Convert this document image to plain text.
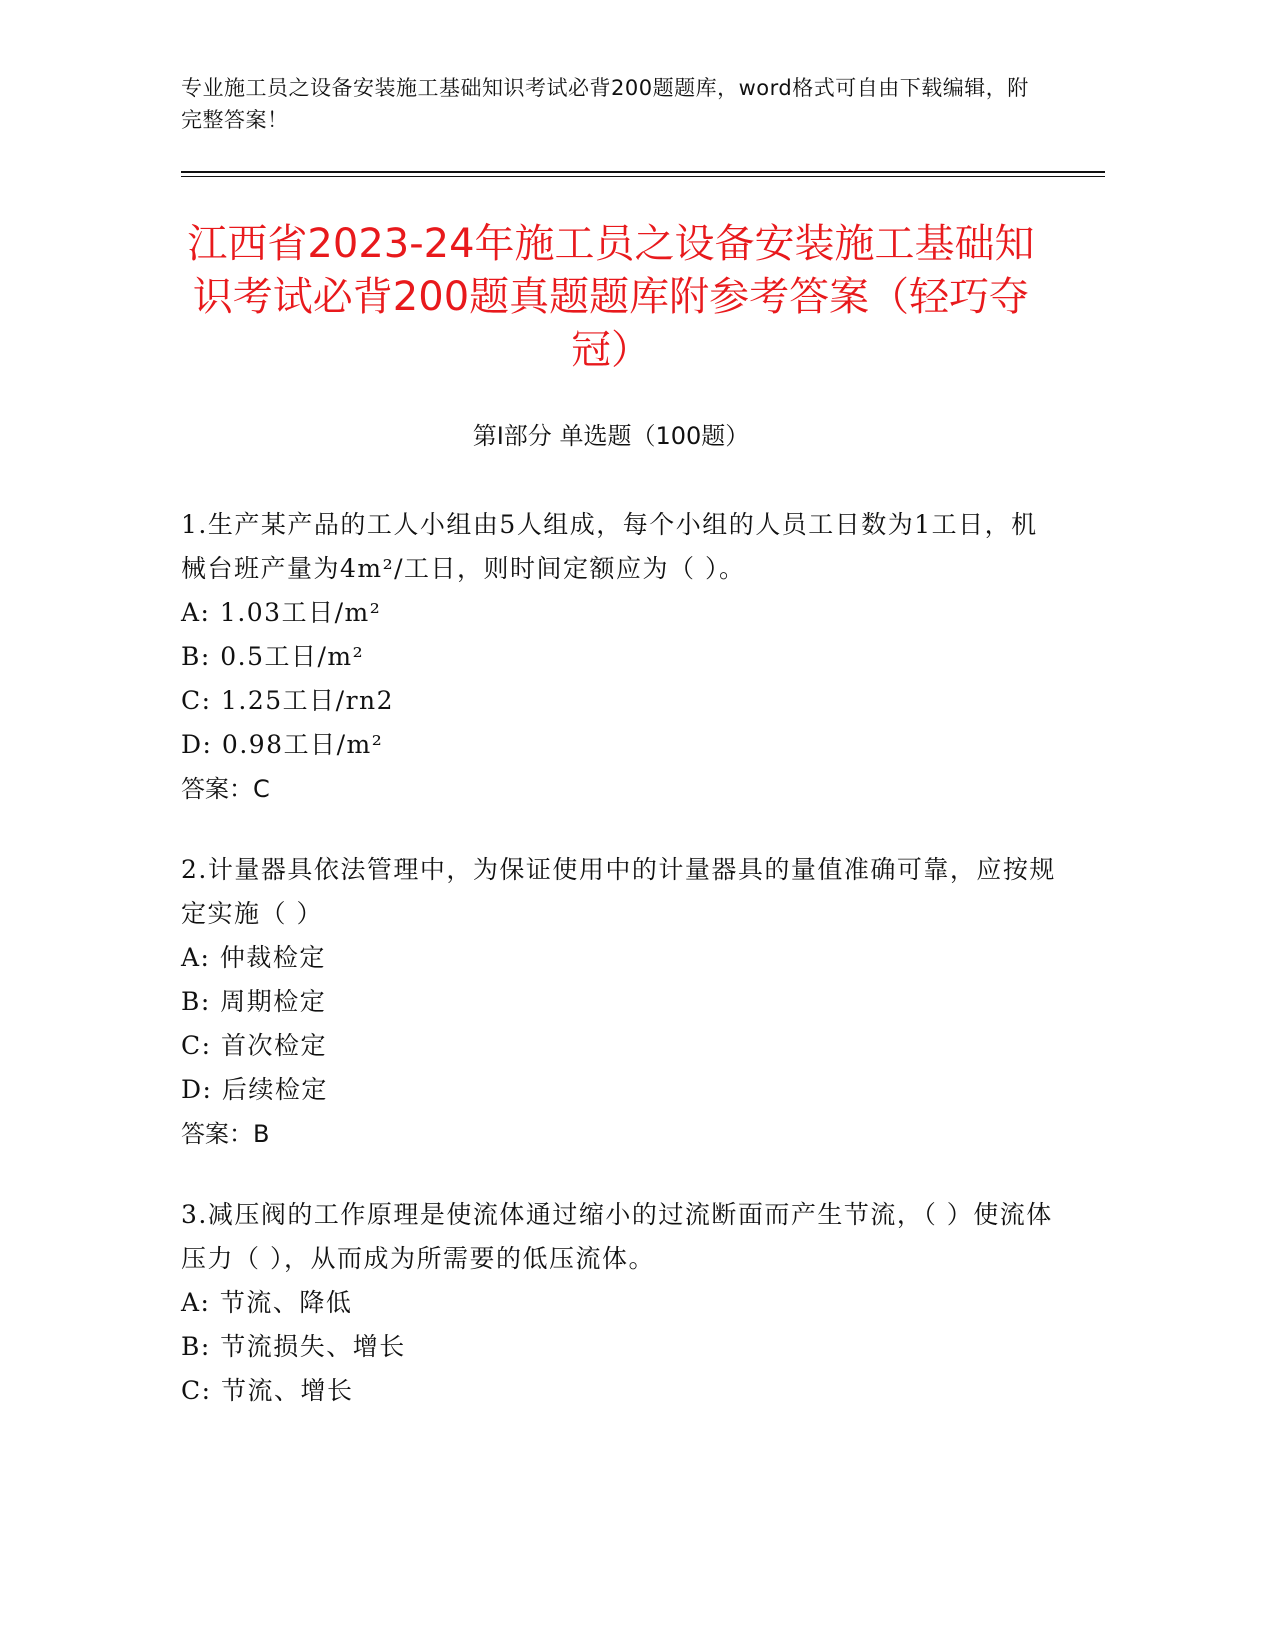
专业施工员之设备安装施工基础知识考试必背200题题库，word格式可自由下载编辑，附完整答案！
江西省2023-24年施工员之设备安装施工基础知识考试必背200题真题题库附参考答案（轻巧夺冠）
第I部分 单选题（100题）
1.生产某产品的工人小组由5人组成，每个小组的人员工日数为1工日，机械台班产量为4m²/工日，则时间定额应为（ ）。
A: 1.03工日/m²
B: 0.5工日/m²
C: 1.25工日/rn2
D: 0.98工日/m²
答案：C
2.计量器具依法管理中，为保证使用中的计量器具的量值准确可靠，应按规定实施（ ）
A: 仲裁检定
B: 周期检定
C: 首次检定
D: 后续检定
答案：B
3.减压阀的工作原理是使流体通过缩小的过流断面而产生节流，（ ）使流体压力（ ），从而成为所需要的低压流体。
A: 节流、降低
B: 节流损失、增长
C: 节流、增长
